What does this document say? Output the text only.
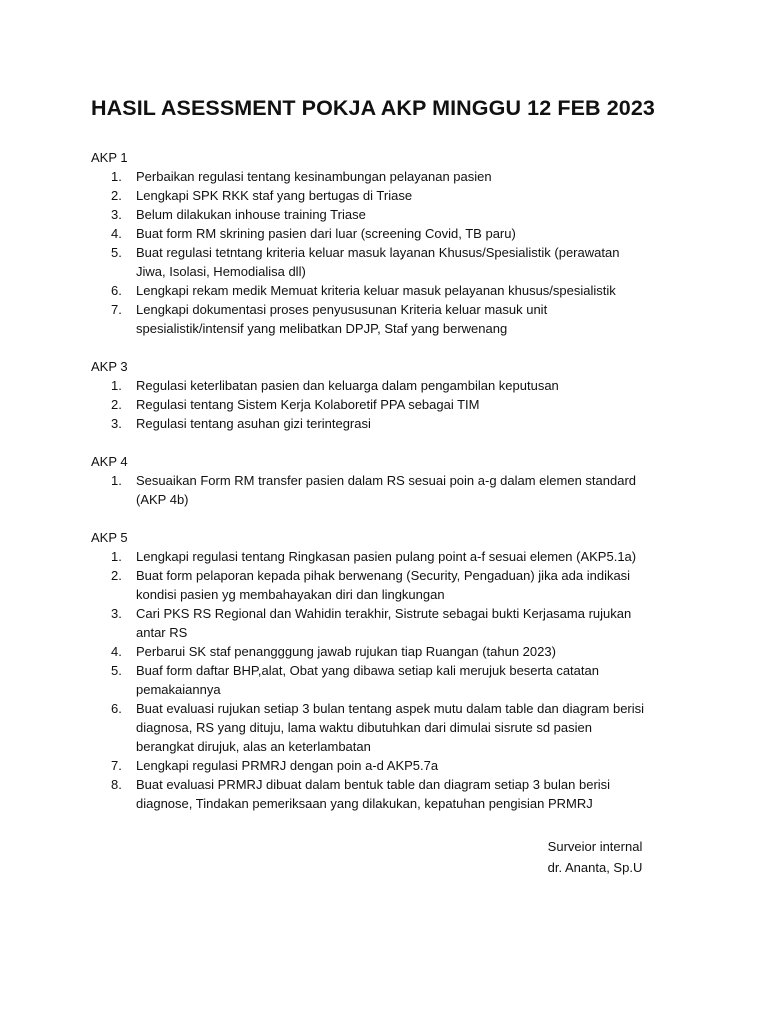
HASIL ASESSMENT POKJA AKP MINGGU 12 FEB 2023
AKP 1
1. Perbaikan regulasi tentang kesinambungan pelayanan pasien
2. Lengkapi SPK RKK staf yang bertugas di Triase
3. Belum dilakukan inhouse training Triase
4. Buat form RM skrining pasien dari luar (screening Covid, TB paru)
5. Buat regulasi tetntang kriteria keluar masuk layanan Khusus/Spesialistik (perawatan
Jiwa, Isolasi, Hemodialisa dll)
6. Lengkapi rekam medik Memuat kriteria keluar masuk pelayanan khusus/spesialistik
7. Lengkapi dokumentasi proses penyususunan Kriteria keluar masuk unit
spesialistik/intensif yang melibatkan DPJP, Staf yang berwenang
AKP 3
1. Regulasi keterlibatan pasien dan keluarga dalam pengambilan keputusan
2. Regulasi tentang Sistem Kerja Kolaboretif PPA sebagai TIM
3. Regulasi tentang asuhan gizi terintegrasi
AKP 4
1. Sesuaikan Form RM transfer pasien dalam RS sesuai poin a-g dalam elemen standard
(AKP 4b)
AKP 5
1. Lengkapi regulasi tentang Ringkasan pasien pulang point a-f sesuai elemen (AKP5.1a)
2. Buat form pelaporan kepada pihak berwenang (Security, Pengaduan) jika ada indikasi
kondisi pasien yg membahayakan diri dan lingkungan
3. Cari PKS RS Regional dan Wahidin terakhir, Sistrute sebagai bukti Kerjasama rujukan
antar RS
4. Perbarui SK staf penangggung jawab rujukan tiap Ruangan (tahun 2023)
5. Buaf form daftar BHP,alat, Obat yang dibawa setiap kali merujuk beserta catatan
pemakaiannya
6. Buat evaluasi rujukan setiap 3 bulan tentang aspek mutu dalam table dan diagram berisi
diagnosa, RS yang dituju, lama waktu dibutuhkan dari dimulai sisrute sd pasien
berangkat dirujuk, alas an keterlambatan
7. Lengkapi regulasi PRMRJ dengan poin a-d AKP5.7a
8. Buat evaluasi PRMRJ dibuat dalam bentuk table dan diagram setiap 3 bulan berisi
diagnose, Tindakan pemeriksaan yang dilakukan, kepatuhan pengisian PRMRJ
Surveior internal
dr. Ananta, Sp.U
